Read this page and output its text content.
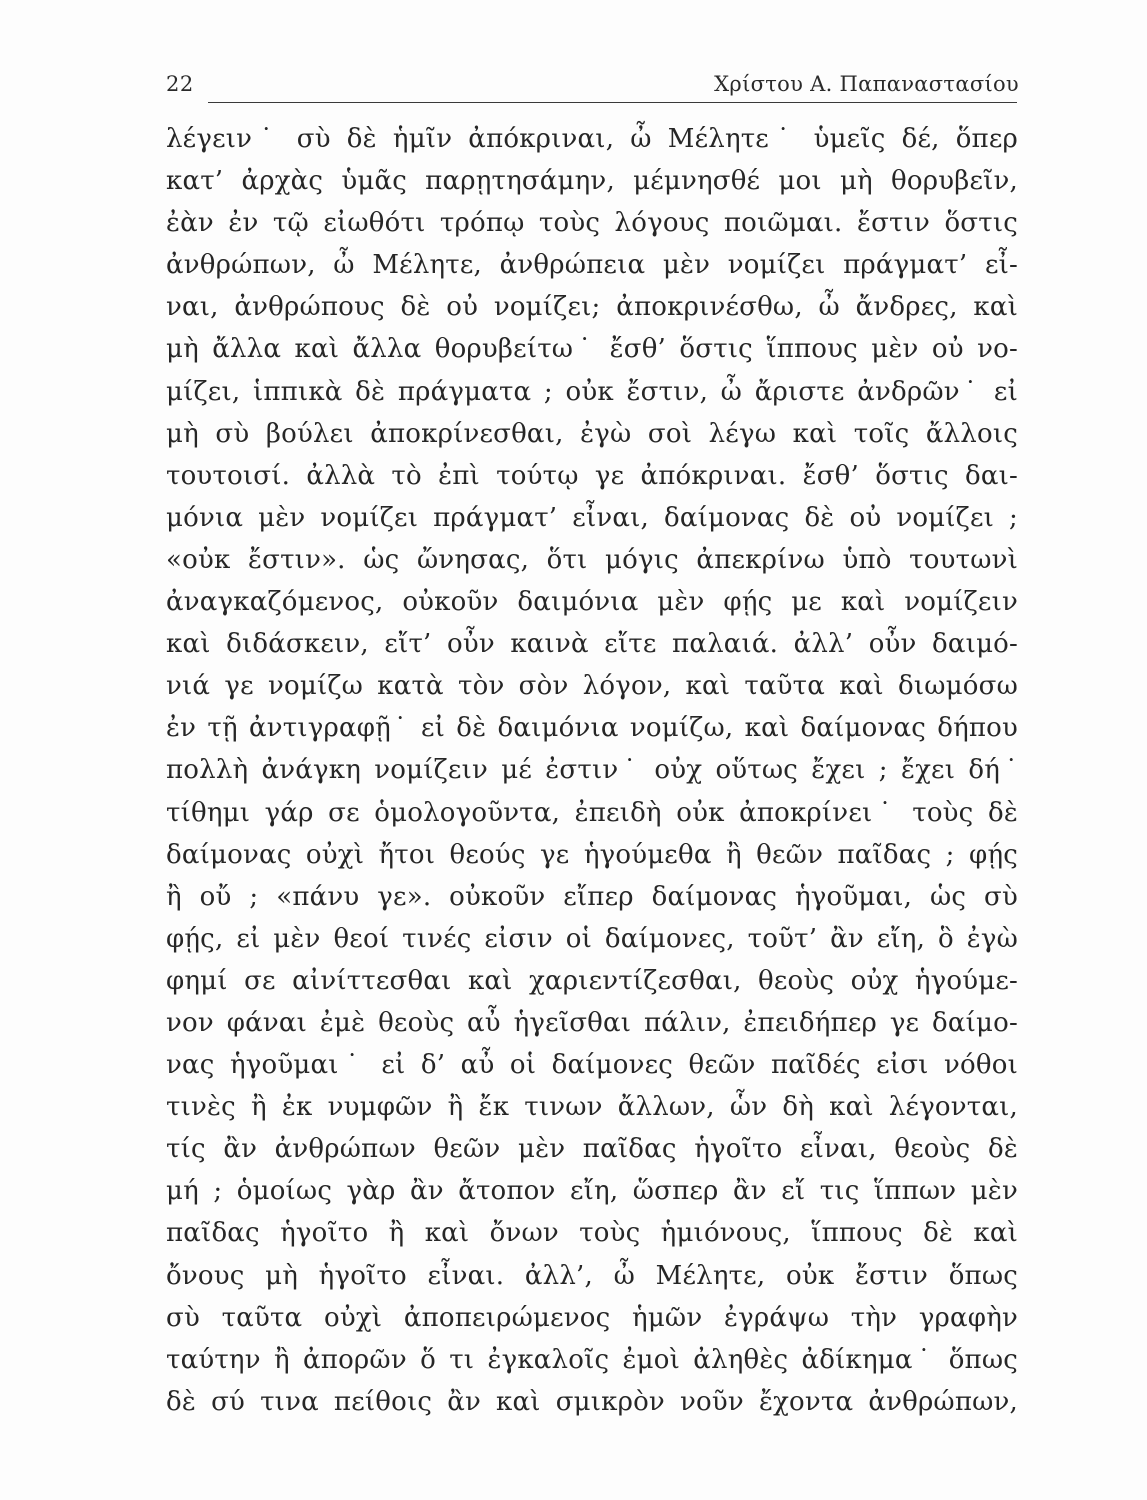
22	Χρίστου Α. Παπαναστασίου
λέγειν˙ σὺ δὲ ἡμῖν ἀπόκριναι, ὦ Μέλητε˙ ὑμεῖς δέ, ὅπερ
κατ’ ἀρχὰς ὑμᾶς παρῃτησάμην, μέμνησθέ μοι μὴ θορυβεῖν,
ἐὰν ἐν τῷ εἰωθότι τρόπῳ τοὺς λόγους ποιῶμαι. ἔστιν ὅστις
ἀνθρώπων, ὦ Μέλητε, ἀνθρώπεια μὲν νομίζει πράγματ’ εἶ-
ναι, ἀνθρώπους δὲ οὐ νομίζει; ἀποκρινέσθω, ὦ ἄνδρες, καὶ
μὴ ἄλλα καὶ ἄλλα θορυβείτω˙ ἔσθ’ ὅστις ἵππους μὲν οὐ νο-
μίζει, ἱππικὰ δὲ πράγματα ; οὐκ ἔστιν, ὦ ἄριστε ἀνδρῶν˙ εἰ
μὴ σὺ βούλει ἀποκρίνεσθαι, ἐγὼ σοὶ λέγω καὶ τοῖς ἄλλοις
τουτοισί. ἀλλὰ τὸ ἐπὶ τούτῳ γε ἀπόκριναι. ἔσθ’ ὅστις δαι-
μόνια μὲν νομίζει πράγματ’ εἶναι, δαίμονας δὲ οὐ νομίζει ;
«οὐκ ἔστιν». ὡς ὤνησας, ὅτι μόγις ἀπεκρίνω ὑπὸ τουτωνὶ
ἀναγκαζόμενος, οὐκοῦν δαιμόνια μὲν φῄς με καὶ νομίζειν
καὶ διδάσκειν, εἴτ’ οὖν καινὰ εἴτε παλαιά. ἀλλ’ οὖν δαιμό-
νιά γε νομίζω κατὰ τὸν σὸν λόγον, καὶ ταῦτα καὶ διωμόσω
ἐν τῇ ἀντιγραφῇ˙ εἰ δὲ δαιμόνια νομίζω, καὶ δαίμονας δήπου
πολλὴ ἀνάγκη νομίζειν μέ ἐστιν˙ οὐχ οὕτως ἔχει ; ἔχει δή˙
τίθημι γάρ σε ὁμολογοῦντα, ἐπειδὴ οὐκ ἀποκρίνει˙ τοὺς δὲ
δαίμονας οὐχὶ ἤτοι θεούς γε ἡγούμεθα ἢ θεῶν παῖδας ; φῄς
ἢ οὔ ; «πάνυ γε». οὐκοῦν εἴπερ δαίμονας ἡγοῦμαι, ὡς σὺ
φῄς, εἰ μὲν θεοί τινές εἰσιν οἱ δαίμονες, τοῦτ’ ἂν εἴη, ὃ ἐγὼ
φημί σε αἰνίττεσθαι καὶ χαριεντίζεσθαι, θεοὺς οὐχ ἡγούμε-
νον φάναι ἐμὲ θεοὺς αὖ ἡγεῖσθαι πάλιν, ἐπειδήπερ γε δαίμο-
νας ἡγοῦμαι˙ εἰ δ’ αὖ οἱ δαίμονες θεῶν παῖδές εἰσι νόθοι
τινὲς ἢ ἐκ νυμφῶν ἢ ἔκ τινων ἄλλων, ὧν δὴ καὶ λέγονται,
τίς ἂν ἀνθρώπων θεῶν μὲν παῖδας ἡγοῖτο εἶναι, θεοὺς δὲ
μή ; ὁμοίως γὰρ ἂν ἄτοπον εἴη, ὥσπερ ἂν εἴ τις ἵππων μὲν
παῖδας ἡγοῖτο ἢ καὶ ὄνων τοὺς ἡμιόνους, ἵππους δὲ καὶ
ὄνους μὴ ἡγοῖτο εἶναι. ἀλλ’, ὦ Μέλητε, οὐκ ἔστιν ὅπως
σὺ ταῦτα οὐχὶ ἀποπειρώμενος ἡμῶν ἐγράψω τὴν γραφὴν
ταύτην ἢ ἀπορῶν ὅ τι ἐγκαλοῖς ἐμοὶ ἀληθὲς ἀδίκημα˙ ὅπως
δὲ σύ τινα πείθοις ἂν καὶ σμικρὸν νοῦν ἔχοντα ἀνθρώπων,
